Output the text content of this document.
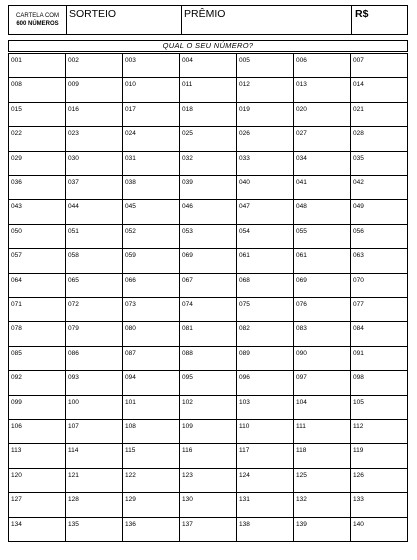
CARTELA COM
600 NÚMEROS
SORTEIO	PRÊMIO	R$
QUAL O SEU NÚMERO?
001	002	003	004	005	006	007
008	009	010	011	012	013	014
015	016	017	018	019	020	021
022	023	024	025	026	027	028
029	030	031	032	033	034	035
036	037	038	039	040	041	042
043	044	045	046	047	048	049
050	051	052	053	054	055	056
057	058	059	069	061	061	063
064	065	066	067	068	069	070
071	072	073	074	075	076	077
078	079	080	081	082	083	084
085	086	087	088	089	090	091
092	093	094	095	096	097	098
099	100	101	102	103	104	105
106	107	108	109	110	111	112
113	114	115	116	117	118	119
120	121	122	123	124	125	126
127	128	129	130	131	132	133
134	135	136	137	138	139	140
